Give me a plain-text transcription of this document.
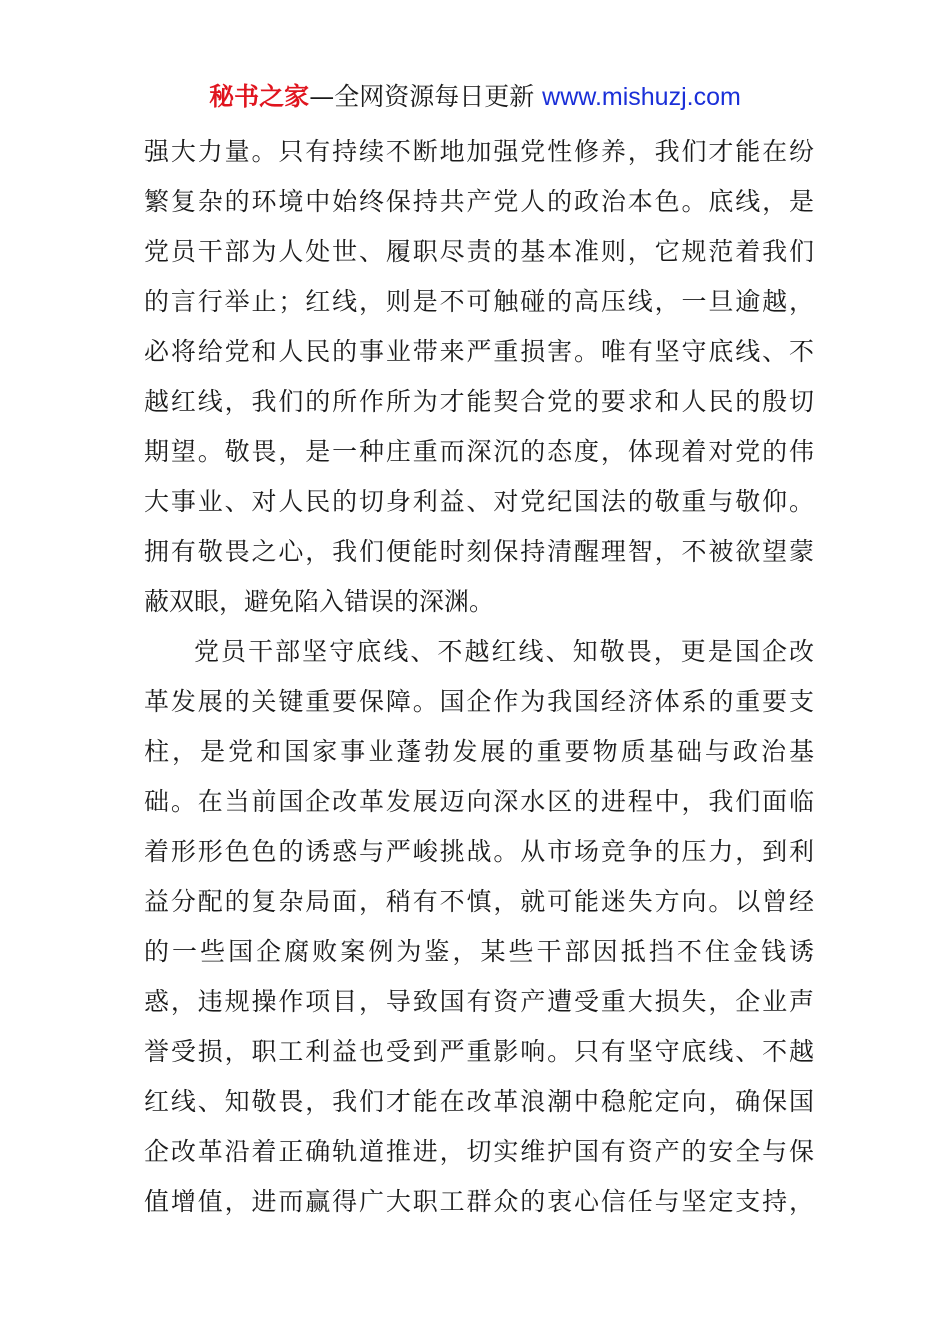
秘书之家—全网资源每日更新 www.mishuzj.com
强大力量。只有持续不断地加强党性修养，我们才能在纷
繁复杂的环境中始终保持共产党人的政治本色。底线，是
党员干部为人处世、履职尽责的基本准则，它规范着我们
的言行举止；红线，则是不可触碰的高压线，一旦逾越，
必将给党和人民的事业带来严重损害。唯有坚守底线、不
越红线，我们的所作所为才能契合党的要求和人民的殷切
期望。敬畏，是一种庄重而深沉的态度，体现着对党的伟
大事业、对人民的切身利益、对党纪国法的敬重与敬仰。
拥有敬畏之心，我们便能时刻保持清醒理智，不被欲望蒙
蔽双眼，避免陷入错误的深渊。
党员干部坚守底线、不越红线、知敬畏，更是国企改
革发展的关键重要保障。国企作为我国经济体系的重要支
柱，是党和国家事业蓬勃发展的重要物质基础与政治基
础。在当前国企改革发展迈向深水区的进程中，我们面临
着形形色色的诱惑与严峻挑战。从市场竞争的压力，到利
益分配的复杂局面，稍有不慎，就可能迷失方向。以曾经
的一些国企腐败案例为鉴，某些干部因抵挡不住金钱诱
惑，违规操作项目，导致国有资产遭受重大损失，企业声
誉受损，职工利益也受到严重影响。只有坚守底线、不越
红线、知敬畏，我们才能在改革浪潮中稳舵定向，确保国
企改革沿着正确轨道推进，切实维护国有资产的安全与保
值增值，进而赢得广大职工群众的衷心信任与坚定支持，
